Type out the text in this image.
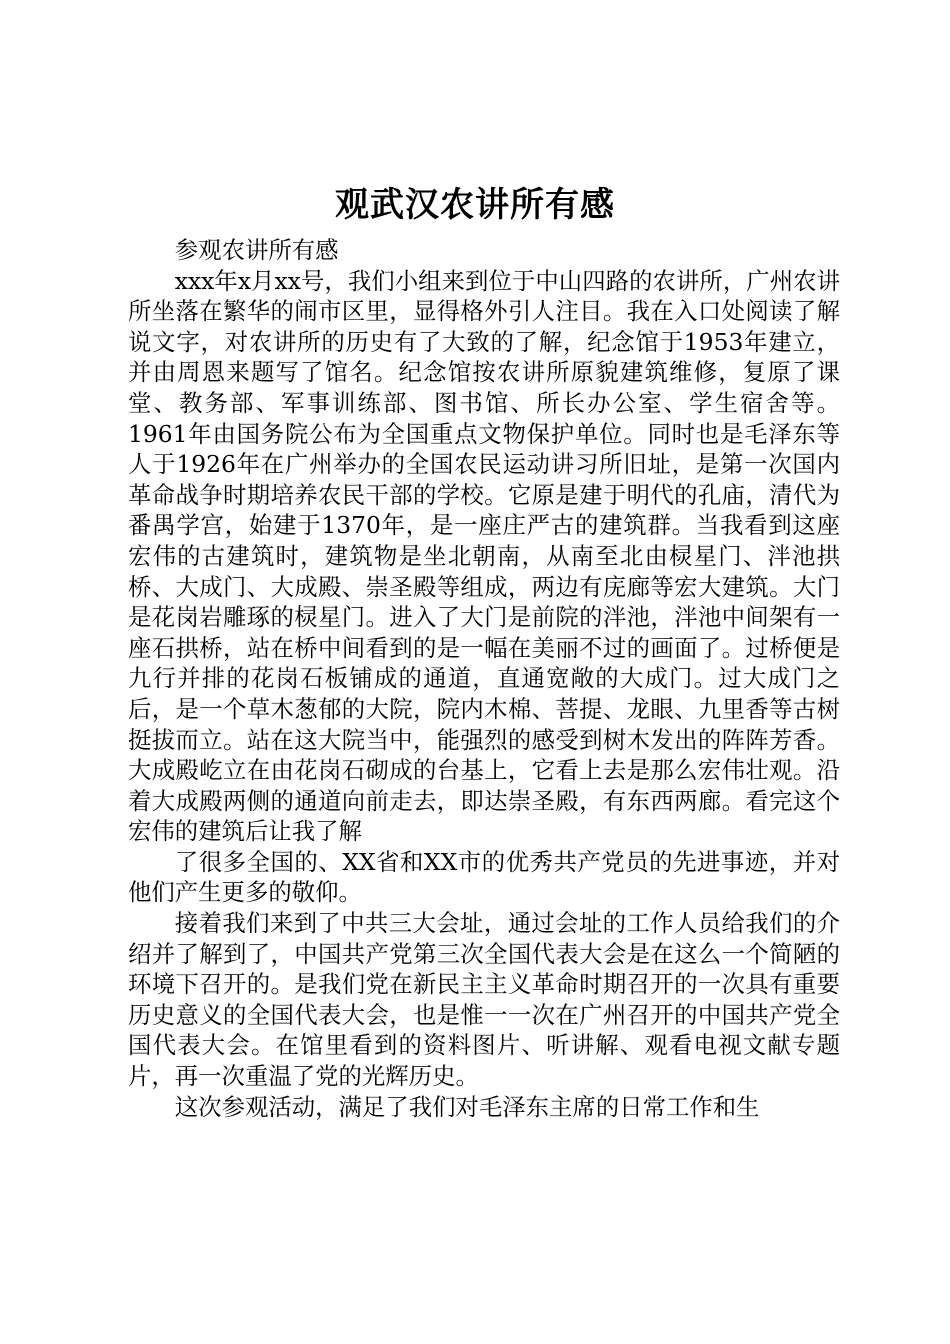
观武汉农讲所有感

参观农讲所有感

xxx年x月xx号，我们小组来到位于中山四路的农讲所，广州农讲所坐落在繁华的闹市区里，显得格外引人注目。我在入口处阅读了解说文字，对农讲所的历史有了大致的了解，纪念馆于1953年建立，并由周恩来题写了馆名。纪念馆按农讲所原貌建筑维修，复原了课堂、教务部、军事训练部、图书馆、所长办公室、学生宿舍等。1961年由国务院公布为全国重点文物保护单位。同时也是毛泽东等人于1926年在广州举办的全国农民运动讲习所旧址，是第一次国内革命战争时期培养农民干部的学校。它原是建于明代的孔庙，清代为番禺学宫，始建于1370年，是一座庄严古的建筑群。当我看到这座宏伟的古建筑时，建筑物是坐北朝南，从南至北由棂星门、泮池拱桥、大成门、大成殿、崇圣殿等组成，两边有庑廊等宏大建筑。大门是花岗岩雕琢的棂星门。进入了大门是前院的泮池，泮池中间架有一座石拱桥，站在桥中间看到的是一幅在美丽不过的画面了。过桥便是九行并排的花岗石板铺成的通道，直通宽敞的大成门。过大成门之后，是一个草木葱郁的大院，院内木棉、菩提、龙眼、九里香等古树挺拔而立。站在这大院当中，能强烈的感受到树木发出的阵阵芳香。大成殿屹立在由花岗石砌成的台基上，它看上去是那么宏伟壮观。沿着大成殿两侧的通道向前走去，即达崇圣殿，有东西两廊。看完这个宏伟的建筑后让我了解

了很多全国的、XX省和XX市的优秀共产党员的先进事迹，并对他们产生更多的敬仰。

接着我们来到了中共三大会址，通过会址的工作人员给我们的介绍并了解到了，中国共产党第三次全国代表大会是在这么一个简陋的环境下召开的。是我们党在新民主主义革命时期召开的一次具有重要历史意义的全国代表大会，也是惟一一次在广州召开的中国共产党全国代表大会。在馆里看到的资料图片、听讲解、观看电视文献专题片，再一次重温了党的光辉历史。

这次参观活动，满足了我们对毛泽东主席的日常工作和生
